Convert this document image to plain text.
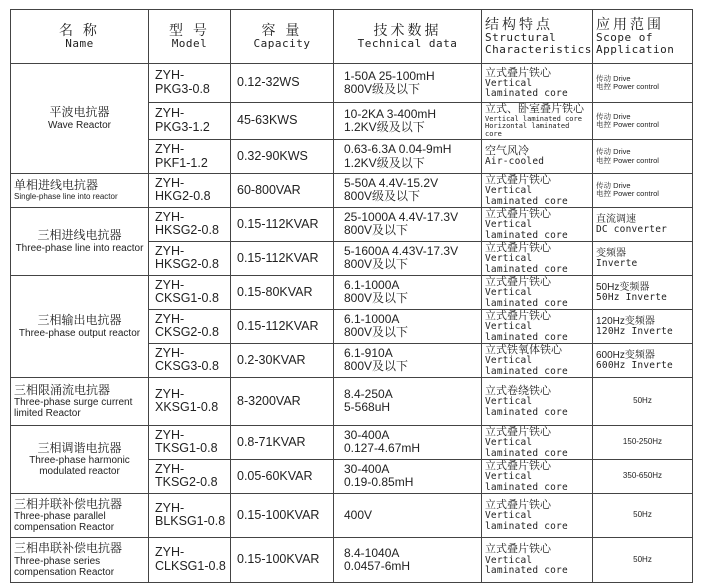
名 称
Name	型 号
Model	容 量
Capacity	技术数据
Technical data	结构特点
Structural
Characteristics	应用范围
Scope of
Application

平波电抗器
Wave Reactor	ZYH-
PKG3-0.8	0.12-32WS	1-50A 25-100mH
800V级及以下	立式叠片铁心
Vertical
laminated core	传动 Drive
电控 Power control

	ZYH-
PKG3-1.2	45-63KWS	10-2KA 3-400mH
1.2KV级及以下	立式、卧室叠片铁心
Vertical laminated core
Horizontal laminated core	传动 Drive
电控 Power control

	ZYH-
PKF1-1.2	0.32-90KWS	0.63-6.3A 0.04-9mH
1.2KV级及以下	空气风冷
Air-cooled	传动 Drive
电控 Power control

单相进线电抗器
Single-phase line into reactor	ZYH-
HKG2-0.8	60-800VAR	5-50A 4.4V-15.2V
800V级及以下	立式叠片铁心
Vertical
laminated core	传动 Drive
电控 Power control

三相进线电抗器
Three-phase line into reactor	ZYH-
HKSG2-0.8	0.15-112KVAR	25-1000A 4.4V-17.3V
800V及以下	立式叠片铁心
Vertical
laminated core	直流调速
DC converter

	ZYH-
HKSG2-0.8	0.15-112KVAR	5-1600A 4.43V-17.3V
800V及以下	立式叠片铁心
Vertical
laminated core	变频器
Inverte

三相输出电抗器
Three-phase output reactor	ZYH-
CKSG1-0.8	0.15-80KVAR	6.1-1000A
800V及以下	立式叠片铁心
Vertical
laminated core	50Hz变频器
50Hz Inverte

	ZYH-
CKSG2-0.8	0.15-112KVAR	6.1-1000A
800V及以下	立式叠片铁心
Vertical
laminated core	120Hz变频器
120Hz Inverte

	ZYH-
CKSG3-0.8	0.2-30KVAR	6.1-910A
800V及以下	立式铁氧体铁心
Vertical
laminated core	600Hz变频器
600Hz Inverte

三相限涌流电抗器
Three-phase surge current limited Reactor	ZYH-
XKSG1-0.8	8-3200VAR	8.4-250A
5-568uH	立式卷绕铁心
Vertical
laminated core	50Hz

三相调谐电抗器
Three-phase harmonic modulated reactor	ZYH-
TKSG1-0.8	0.8-71KVAR	30-400A
0.127-4.67mH	立式叠片铁心
Vertical
laminated core	150-250Hz

	ZYH-
TKSG2-0.8	0.05-60KVAR	30-400A
0.19-0.85mH	立式叠片铁心
Vertical
laminated core	350-650Hz

三相并联补偿电抗器
Three-phase parallel compensation Reactor	ZYH-
BLKSG1-0.8	0.15-100KVAR	400V	立式叠片铁心
Vertical
laminated core	50Hz

三相串联补偿电抗器
Three-phase series compensation Reactor	ZYH-
CLKSG1-0.8	0.15-100KVAR	8.4-1040A
0.0457-6mH	立式叠片铁心
Vertical
laminated core	50Hz
